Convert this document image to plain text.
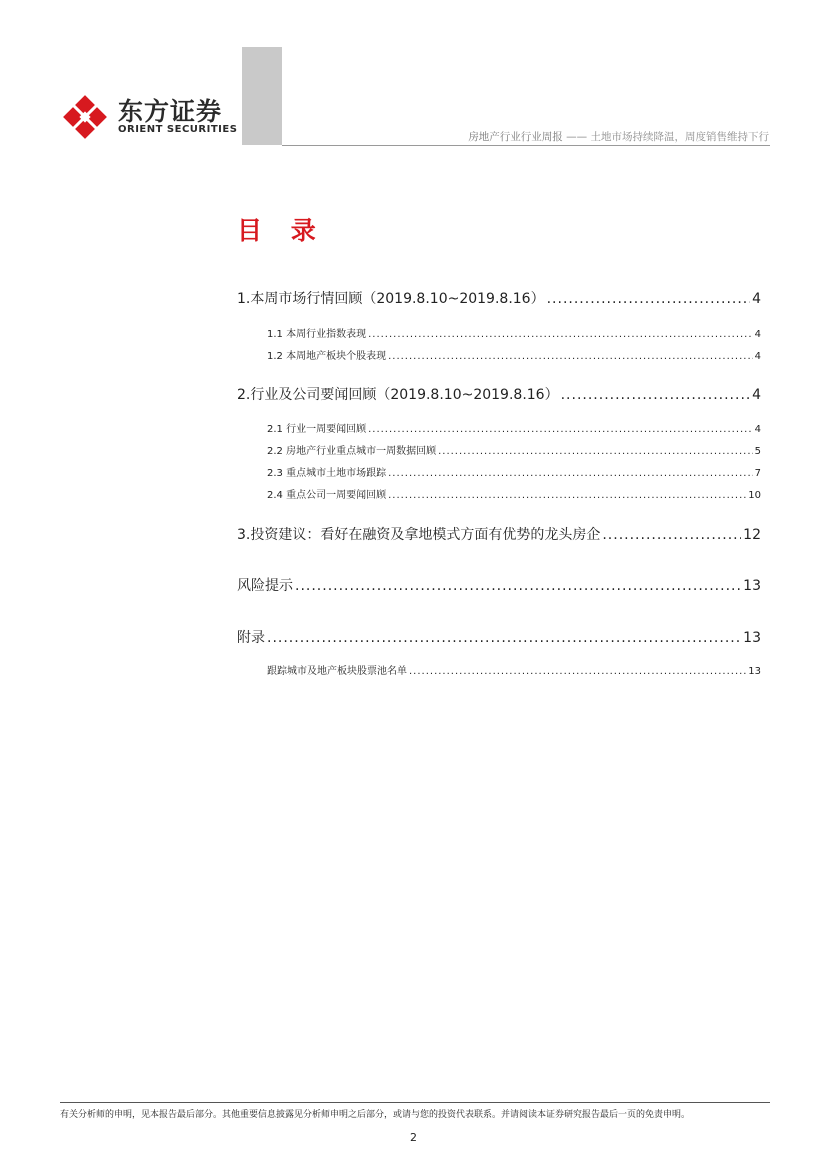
东方证券
ORIENT SECURITIES
房地产行业行业周报 —— 土地市场持续降温，周度销售维持下行
目 录
1.本周市场行情回顾（2019.8.10~2019.8.16） .....	4
1.1 本周行业指数表现 .....	4
1.2 本周地产板块个股表现 .....	4
2.行业及公司要闻回顾（2019.8.10~2019.8.16） .....	4
2.1 行业一周要闻回顾 .....	4
2.2 房地产行业重点城市一周数据回顾 .....	5
2.3 重点城市土地市场跟踪 .....	7
2.4 重点公司一周要闻回顾 .....	10
3.投资建议：看好在融资及拿地模式方面有优势的龙头房企 .....	12
风险提示 .....	13
附录 .....	13
跟踪城市及地产板块股票池名单 .....	13
有关分析师的申明，见本报告最后部分。其他重要信息披露见分析师申明之后部分，或请与您的投资代表联系。并请阅读本证券研究报告最后一页的免责申明。
2
